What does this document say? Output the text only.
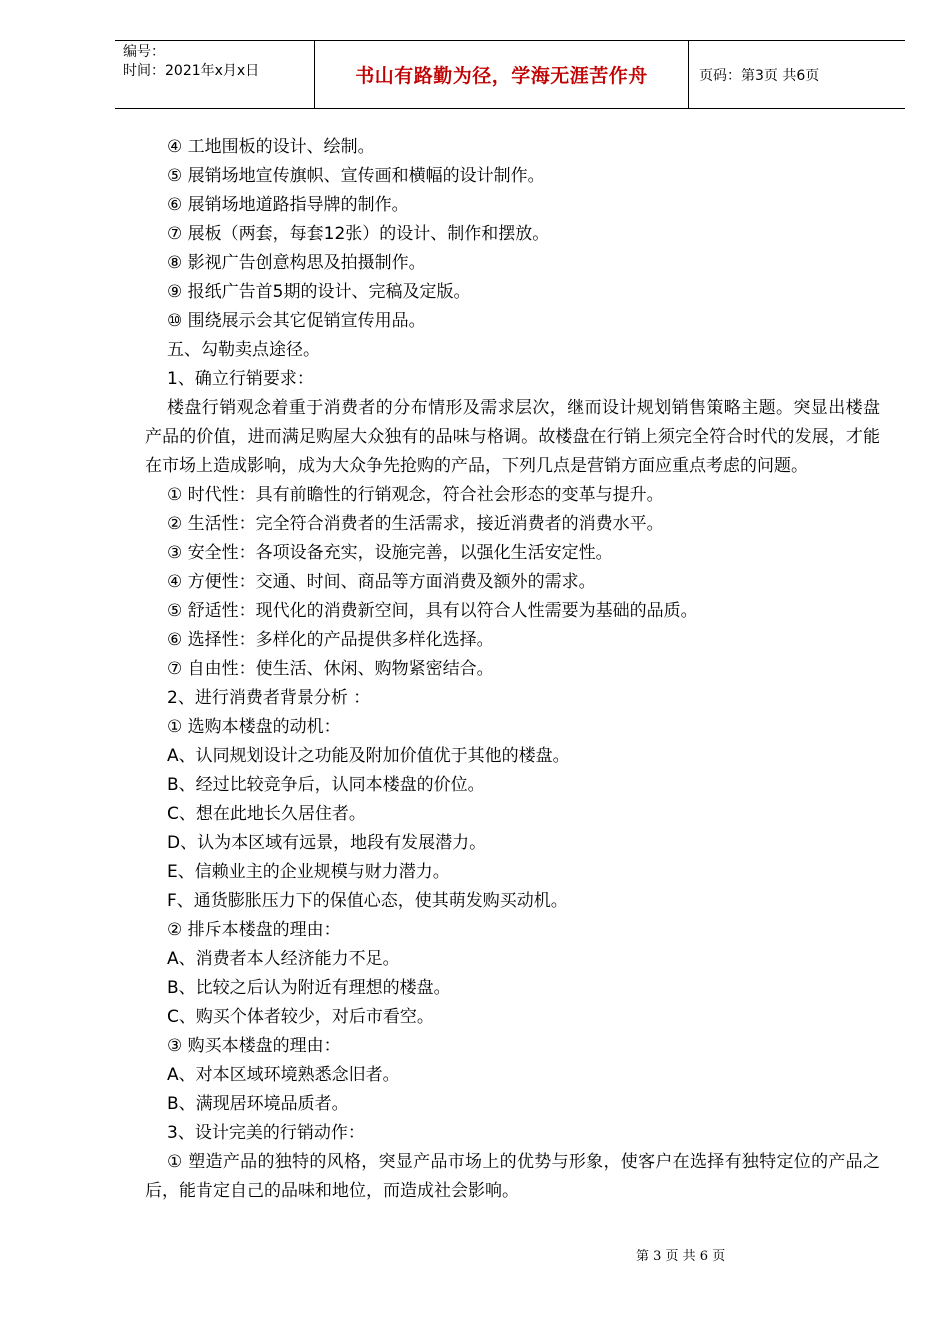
编号：
时间：2021年x月x日	书山有路勤为径，学海无涯苦作舟	页码：第3页 共6页

④ 工地围板的设计、绘制。

⑤ 展销场地宣传旗帜、宣传画和横幅的设计制作。

⑥ 展销场地道路指导牌的制作。

⑦ 展板（两套，每套12张）的设计、制作和摆放。

⑧ 影视广告创意构思及拍摄制作。

⑨ 报纸广告首5期的设计、完稿及定版。

⑩ 围绕展示会其它促销宣传用品。

五、勾勒卖点途径。

1、确立行销要求：

楼盘行销观念着重于消费者的分布情形及需求层次，继而设计规划销售策略主题。突显出楼盘产品的价值，进而满足购屋大众独有的品味与格调。故楼盘在行销上须完全符合时代的发展，才能在市场上造成影响，成为大众争先抢购的产品，下列几点是营销方面应重点考虑的问题。

① 时代性：具有前瞻性的行销观念，符合社会形态的变革与提升。

② 生活性：完全符合消费者的生活需求，接近消费者的消费水平。

③ 安全性：各项设备充实，设施完善，以强化生活安定性。

④ 方便性：交通、时间、商品等方面消费及额外的需求。

⑤ 舒适性：现代化的消费新空间，具有以符合人性需要为基础的品质。

⑥ 选择性：多样化的产品提供多样化选择。

⑦ 自由性：使生活、休闲、购物紧密结合。

2、进行消费者背景分析 ：

① 选购本楼盘的动机：

A、认同规划设计之功能及附加价值优于其他的楼盘。

B、经过比较竞争后，认同本楼盘的价位。

C、想在此地长久居住者。

D、认为本区域有远景，地段有发展潜力。

E、信赖业主的企业规模与财力潜力。

F、通货膨胀压力下的保值心态，使其萌发购买动机。

② 排斥本楼盘的理由：

A、消费者本人经济能力不足。

B、比较之后认为附近有理想的楼盘。

C、购买个体者较少，对后市看空。

③ 购买本楼盘的理由：

A、对本区域环境熟悉念旧者。

B、满现居环境品质者。

3、设计完美的行销动作：

① 塑造产品的独特的风格，突显产品市场上的优势与形象，使客户在选择有独特定位的产品之后，能肯定自己的品味和地位，而造成社会影响。

第 3 页 共 6 页
